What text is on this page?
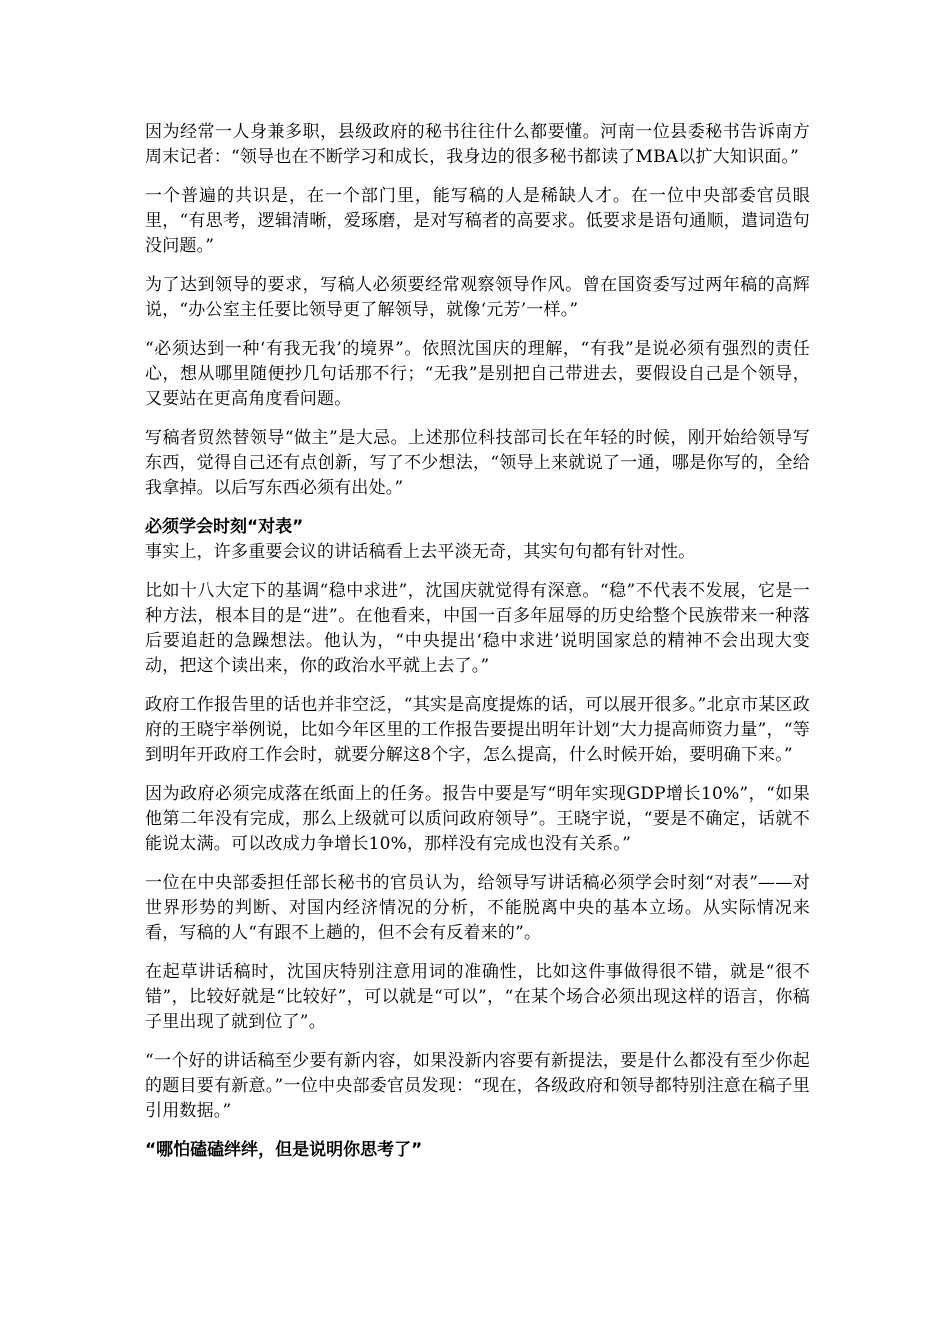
因为经常一人身兼多职，县级政府的秘书往往什么都要懂。河南一位县委秘书告诉南方周末记者：“领导也在不断学习和成长，我身边的很多秘书都读了MBA以扩大知识面。”

一个普遍的共识是，在一个部门里，能写稿的人是稀缺人才。在一位中央部委官员眼里，“有思考，逻辑清晰，爱琢磨，是对写稿者的高要求。低要求是语句通顺，遣词造句没问题。”

为了达到领导的要求，写稿人必须要经常观察领导作风。曾在国资委写过两年稿的高辉说，“办公室主任要比领导更了解领导，就像‘元芳’一样。”

“必须达到一种‘有我无我’的境界”。依照沈国庆的理解，“有我”是说必须有强烈的责任心，想从哪里随便抄几句话那不行；“无我”是别把自己带进去，要假设自己是个领导，又要站在更高角度看问题。

写稿者贸然替领导“做主”是大忌。上述那位科技部司长在年轻的时候，刚开始给领导写东西，觉得自己还有点创新，写了不少想法，“领导上来就说了一通，哪是你写的，全给我拿掉。以后写东西必须有出处。”

必须学会时刻“对表”

事实上，许多重要会议的讲话稿看上去平淡无奇，其实句句都有针对性。

比如十八大定下的基调“稳中求进”，沈国庆就觉得有深意。“稳”不代表不发展，它是一种方法，根本目的是“进”。在他看来，中国一百多年屈辱的历史给整个民族带来一种落后要追赶的急躁想法。他认为，“中央提出‘稳中求进’说明国家总的精神不会出现大变动，把这个读出来，你的政治水平就上去了。”

政府工作报告里的话也并非空泛，“其实是高度提炼的话，可以展开很多。”北京市某区政府的王晓宇举例说，比如今年区里的工作报告要提出明年计划“大力提高师资力量”，“等到明年开政府工作会时，就要分解这8个字，怎么提高，什么时候开始，要明确下来。”

因为政府必须完成落在纸面上的任务。报告中要是写“明年实现GDP增长10%”，“如果他第二年没有完成，那么上级就可以质问政府领导”。王晓宇说，“要是不确定，话就不能说太满。可以改成力争增长10%，那样没有完成也没有关系。”

一位在中央部委担任部长秘书的官员认为，给领导写讲话稿必须学会时刻“对表”——对世界形势的判断、对国内经济情况的分析，不能脱离中央的基本立场。从实际情况来看，写稿的人“有跟不上趟的，但不会有反着来的”。

在起草讲话稿时，沈国庆特别注意用词的准确性，比如这件事做得很不错，就是“很不错”，比较好就是“比较好”，可以就是“可以”，“在某个场合必须出现这样的语言，你稿子里出现了就到位了”。

“一个好的讲话稿至少要有新内容，如果没新内容要有新提法，要是什么都没有至少你起的题目要有新意。”一位中央部委官员发现：“现在，各级政府和领导都特别注意在稿子里引用数据。”

“哪怕磕磕绊绊，但是说明你思考了”
